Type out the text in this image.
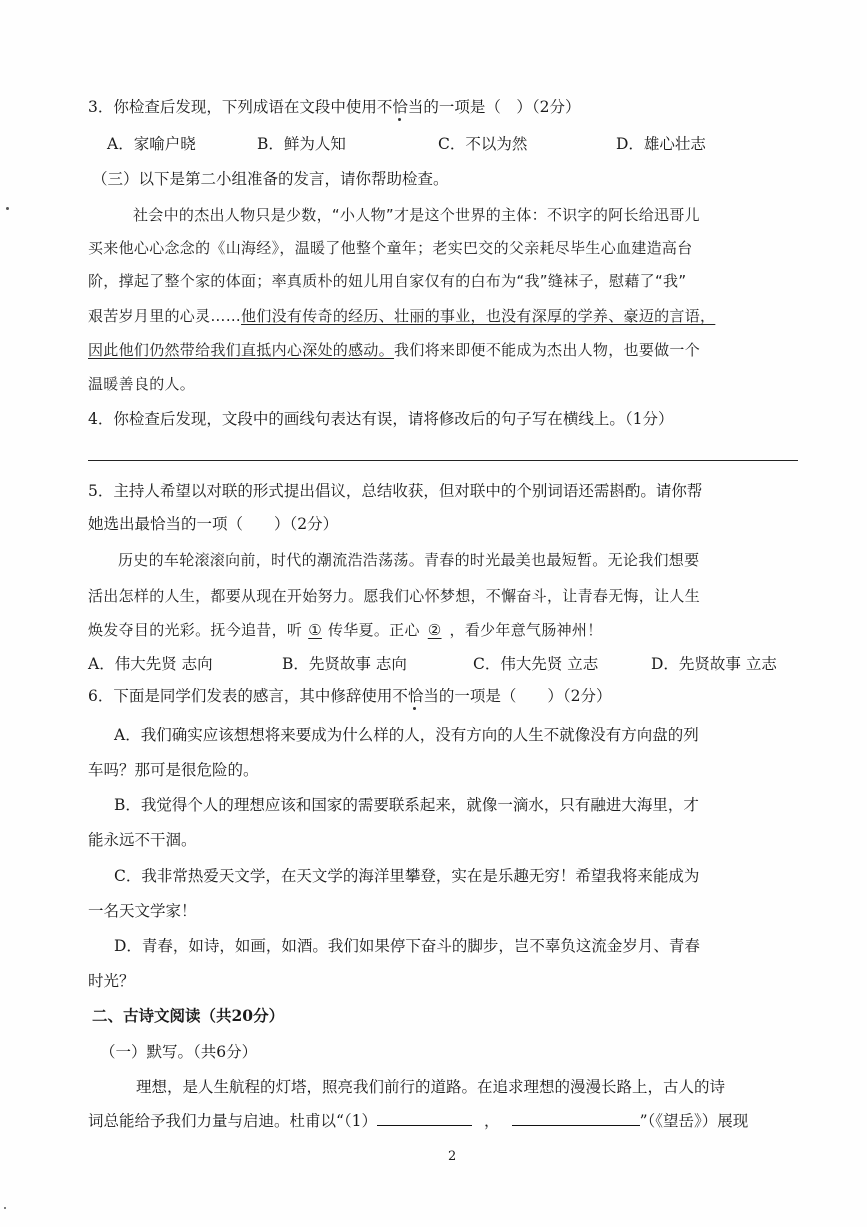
3．你检查后发现，下列成语在文段中使用不恰当的一项是（　）（2分）
A．家喻户晓	B．鲜为人知	C．不以为然	D．雄心壮志
（三）以下是第二小组准备的发言，请你帮助检查。
社会中的杰出人物只是少数，“小人物”才是这个世界的主体：不识字的阿长给迅哥儿
买来他心心念念的《山海经》，温暖了他整个童年；老实巴交的父亲耗尽毕生心血建造高台
阶，撑起了整个家的体面；率真质朴的妞儿用自家仅有的白布为“我”缝袜子，慰藉了“我”
艰苦岁月里的心灵……他们没有传奇的经历、壮丽的事业，也没有深厚的学养、豪迈的言语，
因此他们仍然带给我们直抵内心深处的感动。我们将来即便不能成为杰出人物，也要做一个
温暖善良的人。
4．你检查后发现，文段中的画线句表达有误，请将修改后的句子写在横线上。（1分）
5．主持人希望以对联的形式提出倡议，总结收获，但对联中的个别词语还需斟酌。请你帮
她选出最恰当的一项（　　）（2分）
历史的车轮滚滚向前，时代的潮流浩浩荡荡。青春的时光最美也最短暂。无论我们想要
活出怎样的人生，都要从现在开始努力。愿我们心怀梦想，不懈奋斗，让青春无悔，让人生
焕发夺目的光彩。抚今追昔，听 ① 传华夏。正心 ② ，看少年意气肠神州！
A．伟大先贤 志向	B．先贤故事 志向	C．伟大先贤 立志	D．先贤故事 立志
6．下面是同学们发表的感言，其中修辞使用不恰当的一项是（　　）（2分）
A．我们确实应该想想将来要成为什么样的人，没有方向的人生不就像没有方向盘的列
车吗？那可是很危险的。
B．我觉得个人的理想应该和国家的需要联系起来，就像一滴水，只有融进大海里，才
能永远不干涸。
C．我非常热爱天文学，在天文学的海洋里攀登，实在是乐趣无穷！希望我将来能成为
一名天文学家！
D．青春，如诗，如画，如酒。我们如果停下奋斗的脚步，岂不辜负这流金岁月、青春
时光？
二、古诗文阅读（共20分）
（一）默写。（共6分）
理想，是人生航程的灯塔，照亮我们前行的道路。在追求理想的漫漫长路上，古人的诗
词总能给予我们力量与启迪。杜甫以“（1）	，	”（《望岳》）展现
2
